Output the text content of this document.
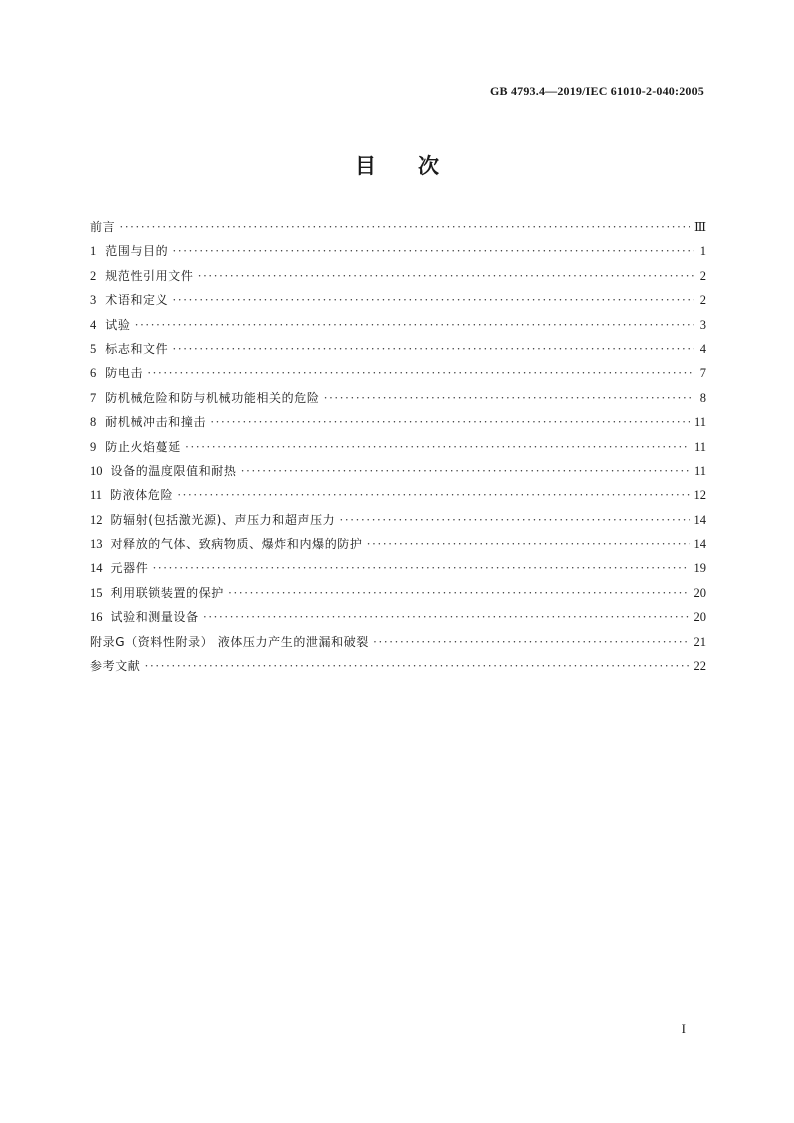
GB 4793.4—2019/IEC 61010-2-040:2005
目 次
前言 ·····	Ⅲ
1 范围与目的 ·····	1
2 规范性引用文件 ·····	2
3 术语和定义 ·····	2
4 试验 ·····	3
5 标志和文件 ·····	4
6 防电击 ·····	7
7 防机械危险和防与机械功能相关的危险 ·····	8
8 耐机械冲击和撞击 ·····	11
9 防止火焰蔓延 ·····	11
10 设备的温度限值和耐热 ·····	11
11 防液体危险 ·····	12
12 防辐射(包括激光源)、声压力和超声压力 ·····	14
13 对释放的气体、致病物质、爆炸和内爆的防护 ·····	14
14 元器件 ·····	19
15 利用联锁装置的保护 ·····	20
16 试验和测量设备 ·····	20
附录G（资料性附录） 液体压力产生的泄漏和破裂 ·····	21
参考文献 ·····	22
I
